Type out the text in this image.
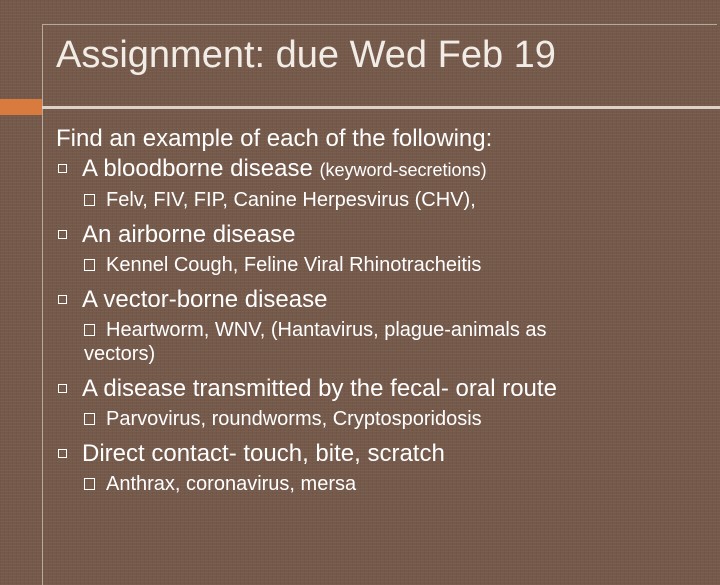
Assignment: due Wed Feb 19
Find an example of each of the following:
A bloodborne disease (keyword-secretions)
Felv, FIV, FIP, Canine Herpesvirus (CHV),
An airborne disease
Kennel Cough, Feline Viral Rhinotracheitis
A vector-borne disease
Heartworm, WNV, (Hantavirus, plague-animals as
vectors)
A disease transmitted by the fecal- oral route
Parvovirus, roundworms, Cryptosporidosis
Direct contact- touch, bite, scratch
Anthrax, coronavirus, mersa
